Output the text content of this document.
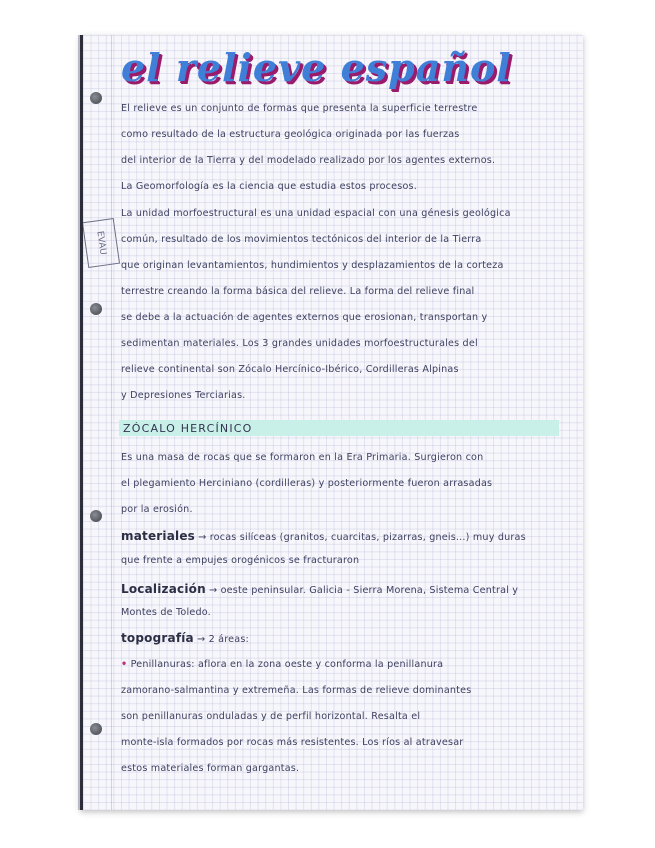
el relieve español
EVAU
El relieve es un conjunto de formas que presenta la superficie terrestre
como resultado de la estructura geológica originada por las fuerzas
del interior de la Tierra y del modelado realizado por los agentes externos.
La Geomorfología es la ciencia que estudia estos procesos.
La unidad morfoestructural es una unidad espacial con una génesis geológica
común, resultado de los movimientos tectónicos del interior de la Tierra
que originan levantamientos, hundimientos y desplazamientos de la corteza
terrestre creando la forma básica del relieve. La forma del relieve final
se debe a la actuación de agentes externos que erosionan, transportan y
sedimentan materiales. Los 3 grandes unidades morfoestructurales del
relieve continental son Zócalo Hercínico-Ibérico, Cordilleras Alpinas
y Depresiones Terciarias.
ZÓCALO HERCÍNICO
Es una masa de rocas que se formaron en la Era Primaria. Surgieron con
el plegamiento Herciniano (cordilleras) y posteriormente fueron arrasadas
por la erosión.
materiales → rocas silíceas (granitos, cuarcitas, pizarras, gneis...) muy duras
que frente a empujes orogénicos se fracturaron
Localización → oeste peninsular. Galicia - Sierra Morena, Sistema Central y
Montes de Toledo.
topografía → 2 áreas:
• Penillanuras: aflora en la zona oeste y conforma la penillanura
zamorano-salmantina y extremeña. Las formas de relieve dominantes
son penillanuras onduladas y de perfil horizontal. Resalta el
monte-isla formados por rocas más resistentes. Los ríos al atravesar
estos materiales forman gargantas.
